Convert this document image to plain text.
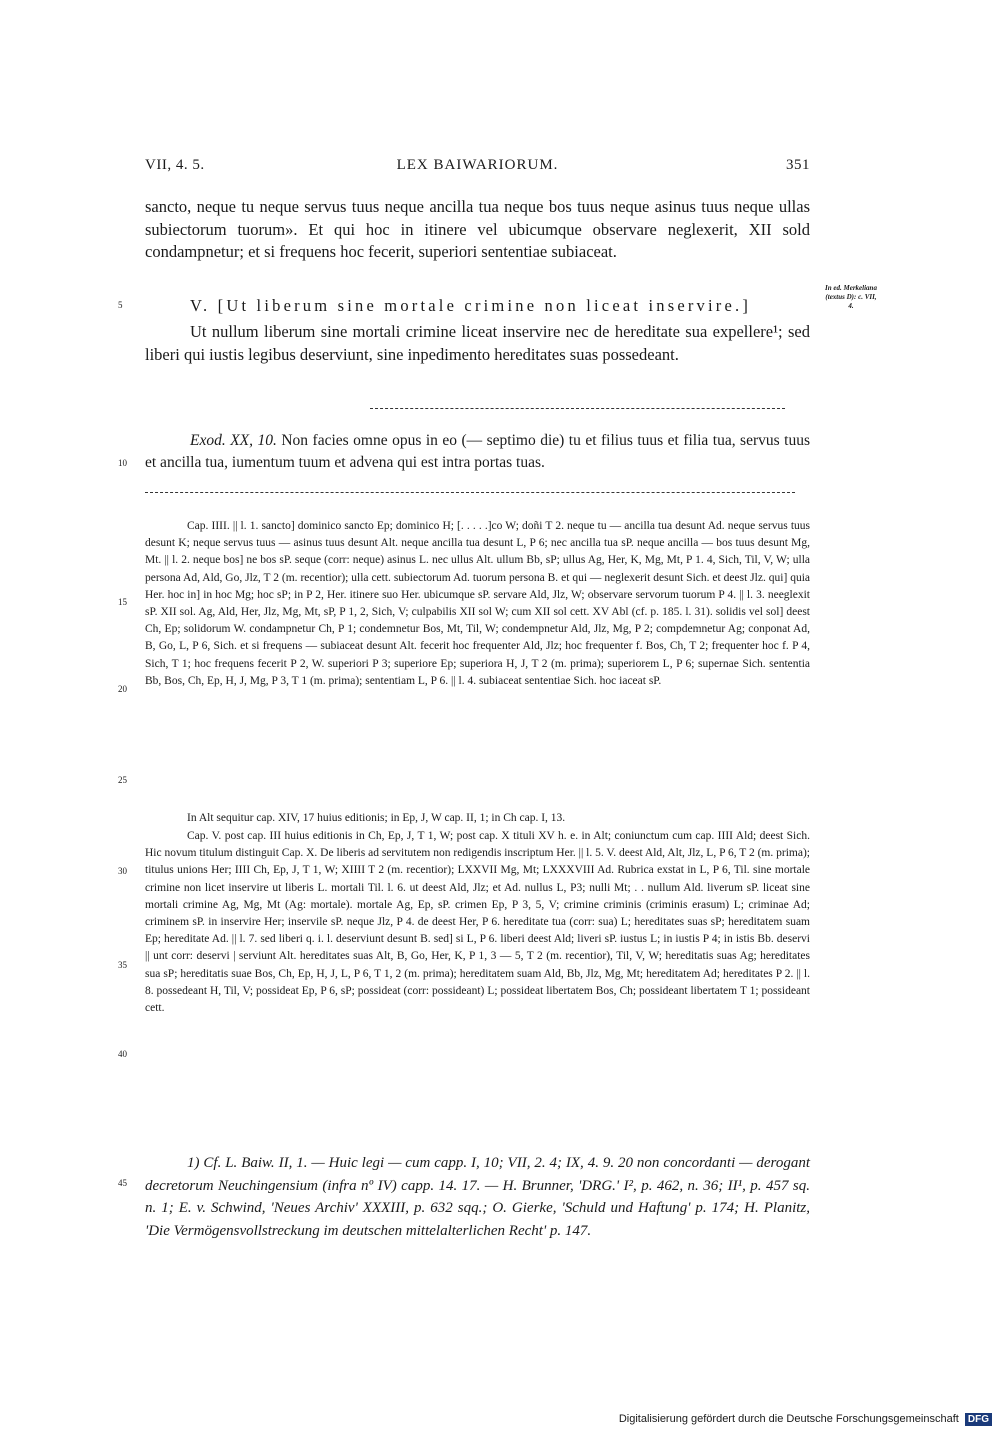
VII, 4. 5.	LEX BAIWARIORUM.	351
sancto, neque tu neque servus tuus neque ancilla tua neque bos tuus neque asinus tuus neque ullas subiectorum tuorum». Et qui hoc in itinere vel ubicumque observare neglexerit, XII sold condampnetur; et si frequens hoc fecerit, superiori sententiae subiaceat.
5	V. [Ut liberum sine mortale crimine non liceat inservire.]
In ed. Merkeliana (textus D): c. VII, 4.
Ut nullum liberum sine mortali crimine liceat inservire nec de hereditate sua expellere¹; sed liberi qui iustis legibus deserviunt, sine inpedimento hereditates suas possedeant.
Exod. XX, 10. Non facies omne opus in eo (— septimo die) tu et filius tuus et filia tua, servus tuus et ancilla tua, iumentum tuum et advena qui est intra portas tuas.
10
Cap. IIII. || l. 1. sancto] dominico sancto Ep; dominico H; [. . . . .]co W; doñi T 2. neque tu — ancilla tua desunt Ad. neque servus tuus desunt K; neque servus tuus — asinus tuus desunt Alt. neque ancilla tua desunt L, P 6; nec ancilla tua sP. neque ancilla — bos tuus desunt Mg, Mt. || l. 2. neque bos] ne bos sP. seque (corr: neque) asinus L. nec ullus Alt. ullum Bb, sP; ullus Ag, Her, K, Mg, Mt, P 1. 4, Sich, Til, V, W; ulla persona Ad, Ald, Go, Jlz, T 2 (m. recentior); ulla cett. subiectorum Ad. tuorum persona B. et qui — neglexerit desunt Sich. et deest Jlz. qui] quia Her. hoc in] in hoc Mg; hoc sP; in P 2, Her. itinere suo Her. ubicumque sP. servare Ald, Jlz, W; observare servorum tuorum P 4. || l. 3. neeglexit sP. XII sol. Ag, Ald, Her, Jlz, Mg, Mt, sP, P 1, 2, Sich, V; culpabilis XII sol W; cum XII sol cett. XV Abl (cf. p. 185. l. 31). solidis vel sol] deest Ch, Ep; solidorum W. condampnetur Ch, P 1; condemnetur Bos, Mt, Til, W; condempnetur Ald, Jlz, Mg, P 2; compdemnetur Ag; conponat Ad, B, Go, L, P 6, Sich. et si frequens — subiaceat desunt Alt. fecerit hoc frequenter Ald, Jlz; hoc frequenter f. Bos, Ch, T 2; frequenter hoc f. P 4, Sich, T 1; hoc frequens fecerit P 2, W. superiori P 3; superiore Ep; superiora H, J, T 2 (m. prima); superiorem L, P 6; supernae Sich. sententia Bb, Bos, Ch, Ep, H, J, Mg, P 3, T 1 (m. prima); sententiam L, P 6. || l. 4. subiaceat sententiae Sich. hoc iaceat sP.
In Alt sequitur cap. XIV, 17 huius editionis; in Ep, J, W cap. II, 1; in Ch cap. I, 13.
Cap. V. post cap. III huius editionis in Ch, Ep, J, T 1, W; post cap. X tituli XV h. e. in Alt; coniunctum cum cap. IIII Ald; deest Sich. Hic novum titulum distinguit Cap. X. De liberis ad servitutem non redigendis inscriptum Her. || l. 5. V. deest Ald, Alt, Jlz, L, P 6, T 2 (m. prima); titulus unions Her; IIII Ch, Ep, J, T 1, W; XIIII T 2 (m. recentior); LXXVII Mg, Mt; LXXXVIII Ad. Rubrica exstat in L, P 6, Til. sine mortale crimine non licet inservire ut liberis L. mortali Til. l. 6. ut deest Ald, Jlz; et Ad. nullus L, P3; nulli Mt; . . nullum Ald. liverum sP. liceat sine mortali crimine Ag, Mg, Mt (Ag: mortale). mortale Ag, Ep, sP. crimen Ep, P 3, 5, V; crimine criminis (criminis erasum) L; criminae Ad; criminem sP. in inservire Her; inservile sP. neque Jlz, P 4. de deest Her, P 6. hereditate tua (corr: sua) L; hereditates suas sP; hereditatem suam Ep; hereditate Ad. || l. 7. sed liberi q. i. l. deserviunt desunt B. sed] si L, P 6. liberi deest Ald; liveri sP. iustus L; in iustis P 4; in istis Bb. deservi || unt corr: deservi | serviunt Alt. hereditates suas Alt, B, Go, Her, K, P 1, 3 — 5, T 2 (m. recentior), Til, V, W; hereditatis suas Ag; hereditates sua sP; hereditatis suae Bos, Ch, Ep, H, J, L, P 6, T 1, 2 (m. prima); hereditatem suam Ald, Bb, Jlz, Mg, Mt; hereditatem Ad; hereditates P 2. || l. 8. possedeant H, Til, V; possideat Ep, P 6, sP; possideat (corr: possideant) L; possideat libertatem Bos, Ch; possideant libertatem T 1; possideant cett.
15
20
25
30
35
40
1) Cf. L. Baiw. II, 1. — Huic legi — cum capp. I, 10; VII, 2. 4; IX, 4. 9. 20 non concordanti — derogant decretorum Neuchingensium (infra nº IV) capp. 14. 17. — H. Brunner, 'DRG.' I², p. 462, n. 36; II¹, p. 457 sq. n. 1; E. v. Schwind, 'Neues Archiv' XXXIII, p. 632 sqq.; O. Gierke, 'Schuld und Haftung' p. 174; H. Planitz, 'Die Vermögensvollstreckung im deutschen mittelalterlichen Recht' p. 147.
45
Digitalisierung gefördert durch die Deutsche Forschungsgemeinschaft DFG
